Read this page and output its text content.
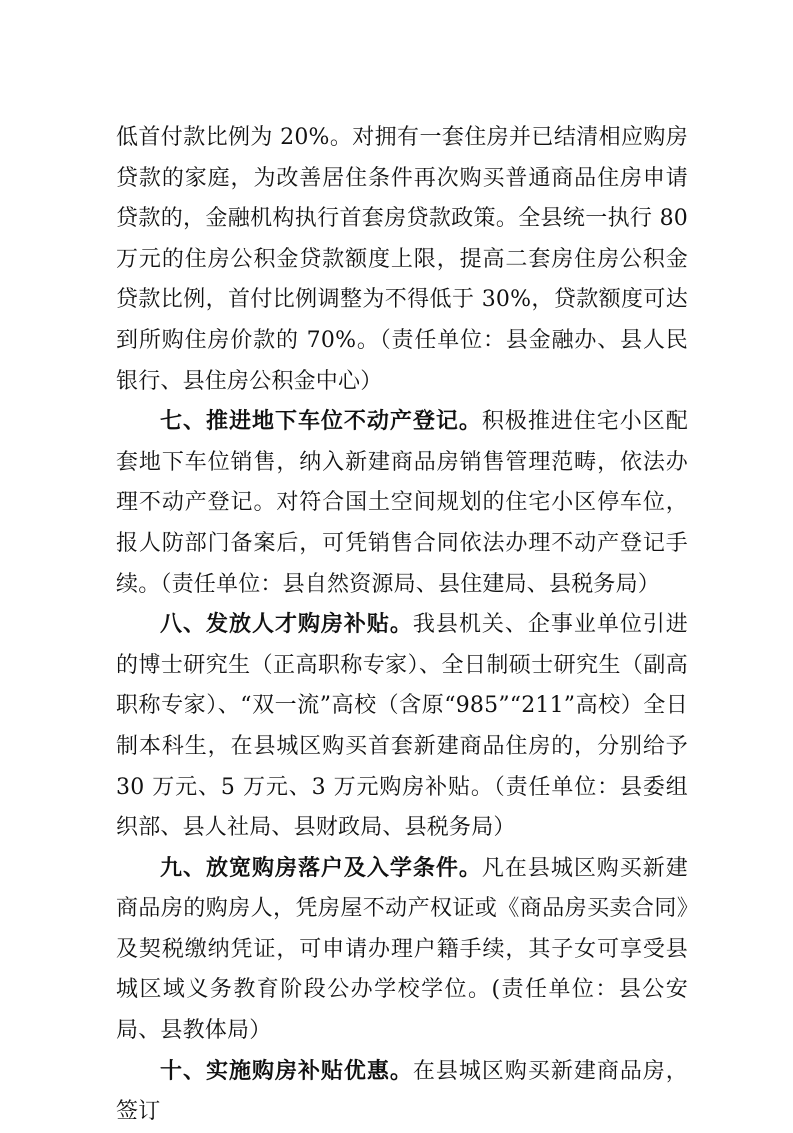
低首付款比例为 20%。对拥有一套住房并已结清相应购房贷款的家庭，为改善居住条件再次购买普通商品住房申请贷款的，金融机构执行首套房贷款政策。全县统一执行 80 万元的住房公积金贷款额度上限，提高二套房住房公积金贷款比例，首付比例调整为不得低于 30%，贷款额度可达到所购住房价款的 70%。（责任单位：县金融办、县人民银行、县住房公积金中心）

七、推进地下车位不动产登记。积极推进住宅小区配套地下车位销售，纳入新建商品房销售管理范畴，依法办理不动产登记。对符合国土空间规划的住宅小区停车位，报人防部门备案后，可凭销售合同依法办理不动产登记手续。（责任单位：县自然资源局、县住建局、县税务局）

八、发放人才购房补贴。我县机关、企事业单位引进的博士研究生（正高职称专家）、全日制硕士研究生（副高职称专家）、“双一流”高校（含原“985”“211”高校）全日制本科生，在县城区购买首套新建商品住房的，分别给予 30 万元、5 万元、3 万元购房补贴。（责任单位：县委组织部、县人社局、县财政局、县税务局）

九、放宽购房落户及入学条件。凡在县城区购买新建商品房的购房人，凭房屋不动产权证或《商品房买卖合同》及契税缴纳凭证，可申请办理户籍手续，其子女可享受县城区域义务教育阶段公办学校学位。(责任单位：县公安局、县教体局）

十、实施购房补贴优惠。在县城区购买新建商品房，签订
